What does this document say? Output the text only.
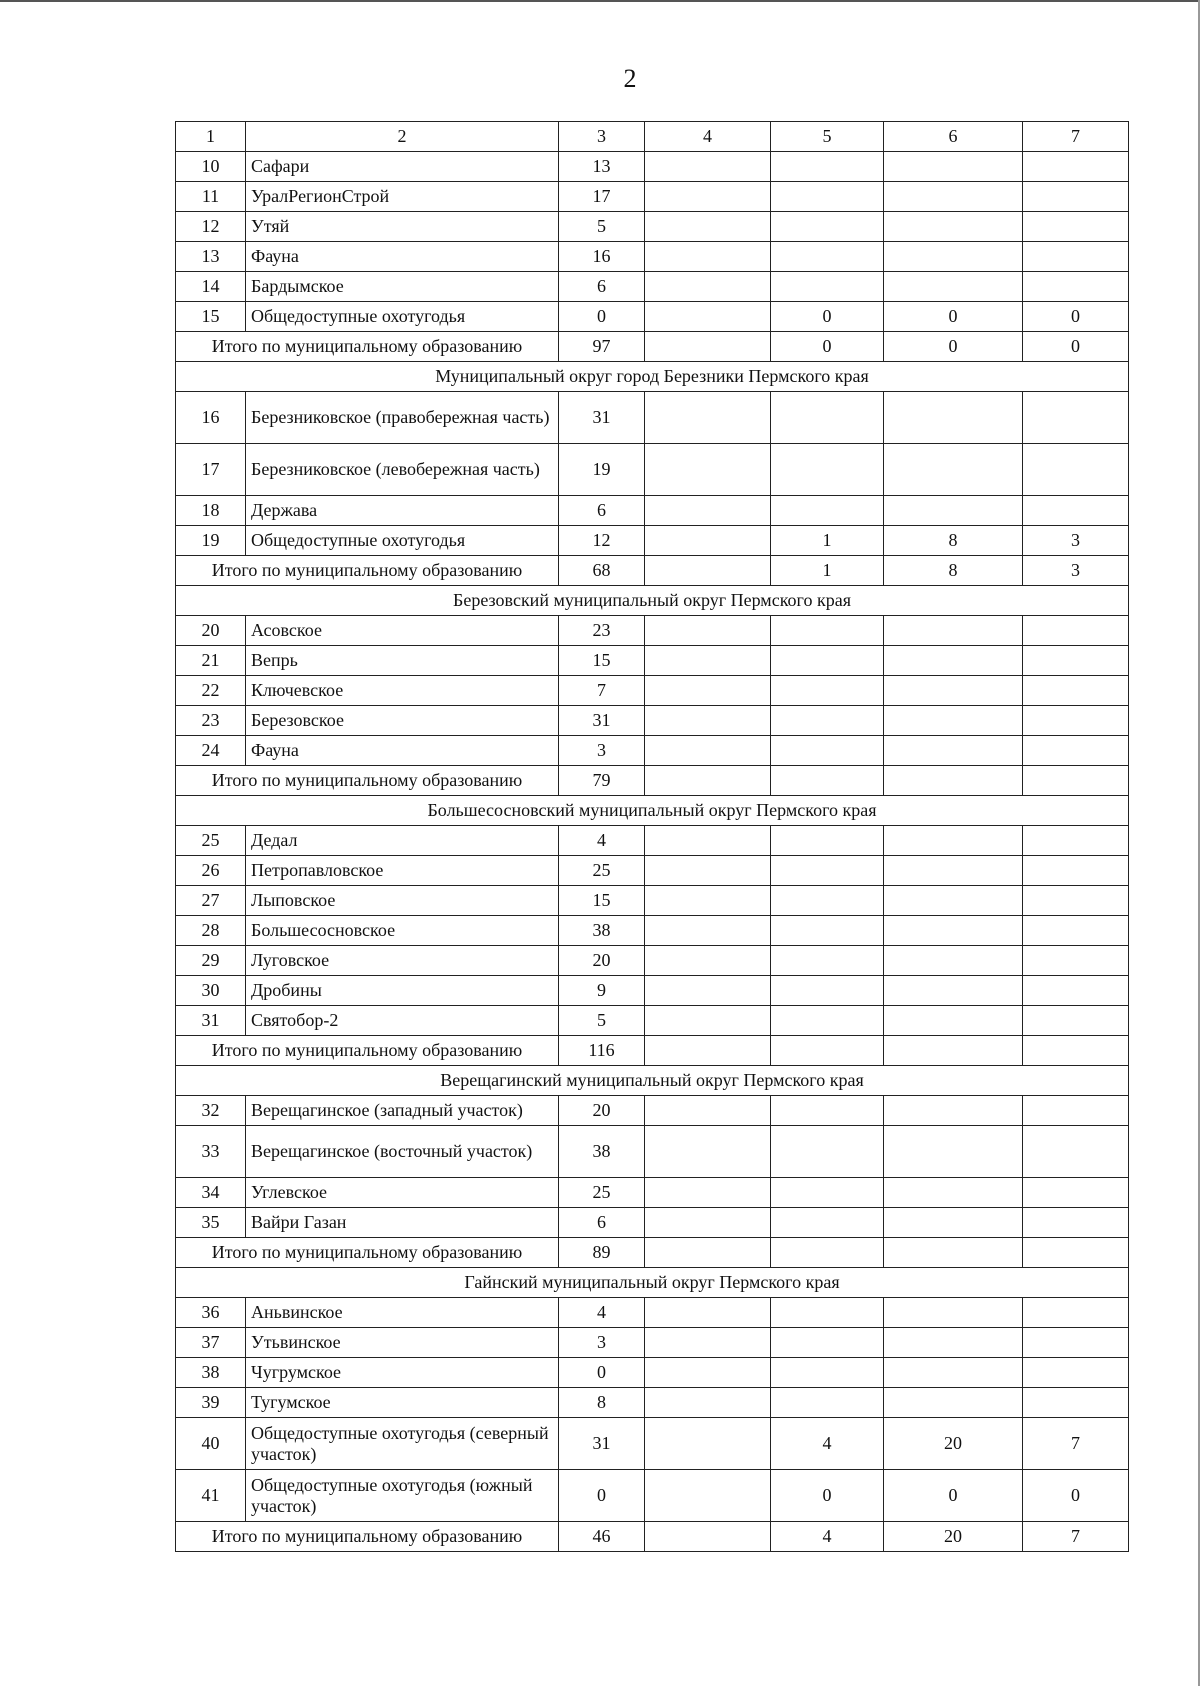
2
1	2	3	4	5	6	7
10	Сафари	13				
11	УралРегионСтрой	17				
12	Утяй	5				
13	Фауна	16				
14	Бардымское	6				
15	Общедоступные охотугодья	0		0	0	0
Итого по муниципальному образованию		97		0	0	0
Муниципальный округ город Березники Пермского края						
16	Березниковское (правобережная часть)	31				
17	Березниковское (левобережная часть)	19				
18	Держава	6				
19	Общедоступные охотугодья	12		1	8	3
Итого по муниципальному образованию		68		1	8	3
Березовский муниципальный округ Пермского края						
20	Асовское	23				
21	Вепрь	15				
22	Ключевское	7				
23	Березовское	31				
24	Фауна	3				
Итого по муниципальному образованию		79				
Большесосновский муниципальный округ Пермского края						
25	Дедал	4				
26	Петропавловское	25				
27	Лыповское	15				
28	Большесосновское	38				
29	Луговское	20				
30	Дробины	9				
31	Святобор-2	5				
Итого по муниципальному образованию		116				
Верещагинский муниципальный округ Пермского края						
32	Верещагинское (западный участок)	20				
33	Верещагинское (восточный участок)	38				
34	Углевское	25				
35	Вайри Газан	6				
Итого по муниципальному образованию		89				
Гайнский муниципальный округ Пермского края						
36	Аньвинское	4				
37	Утьвинское	3				
38	Чугрумское	0				
39	Тугумское	8				
40	Общедоступные охотугодья (северный участок)	31		4	20	7
41	Общедоступные охотугодья (южный участок)	0		0	0	0
Итого по муниципальному образованию		46		4	20	7
